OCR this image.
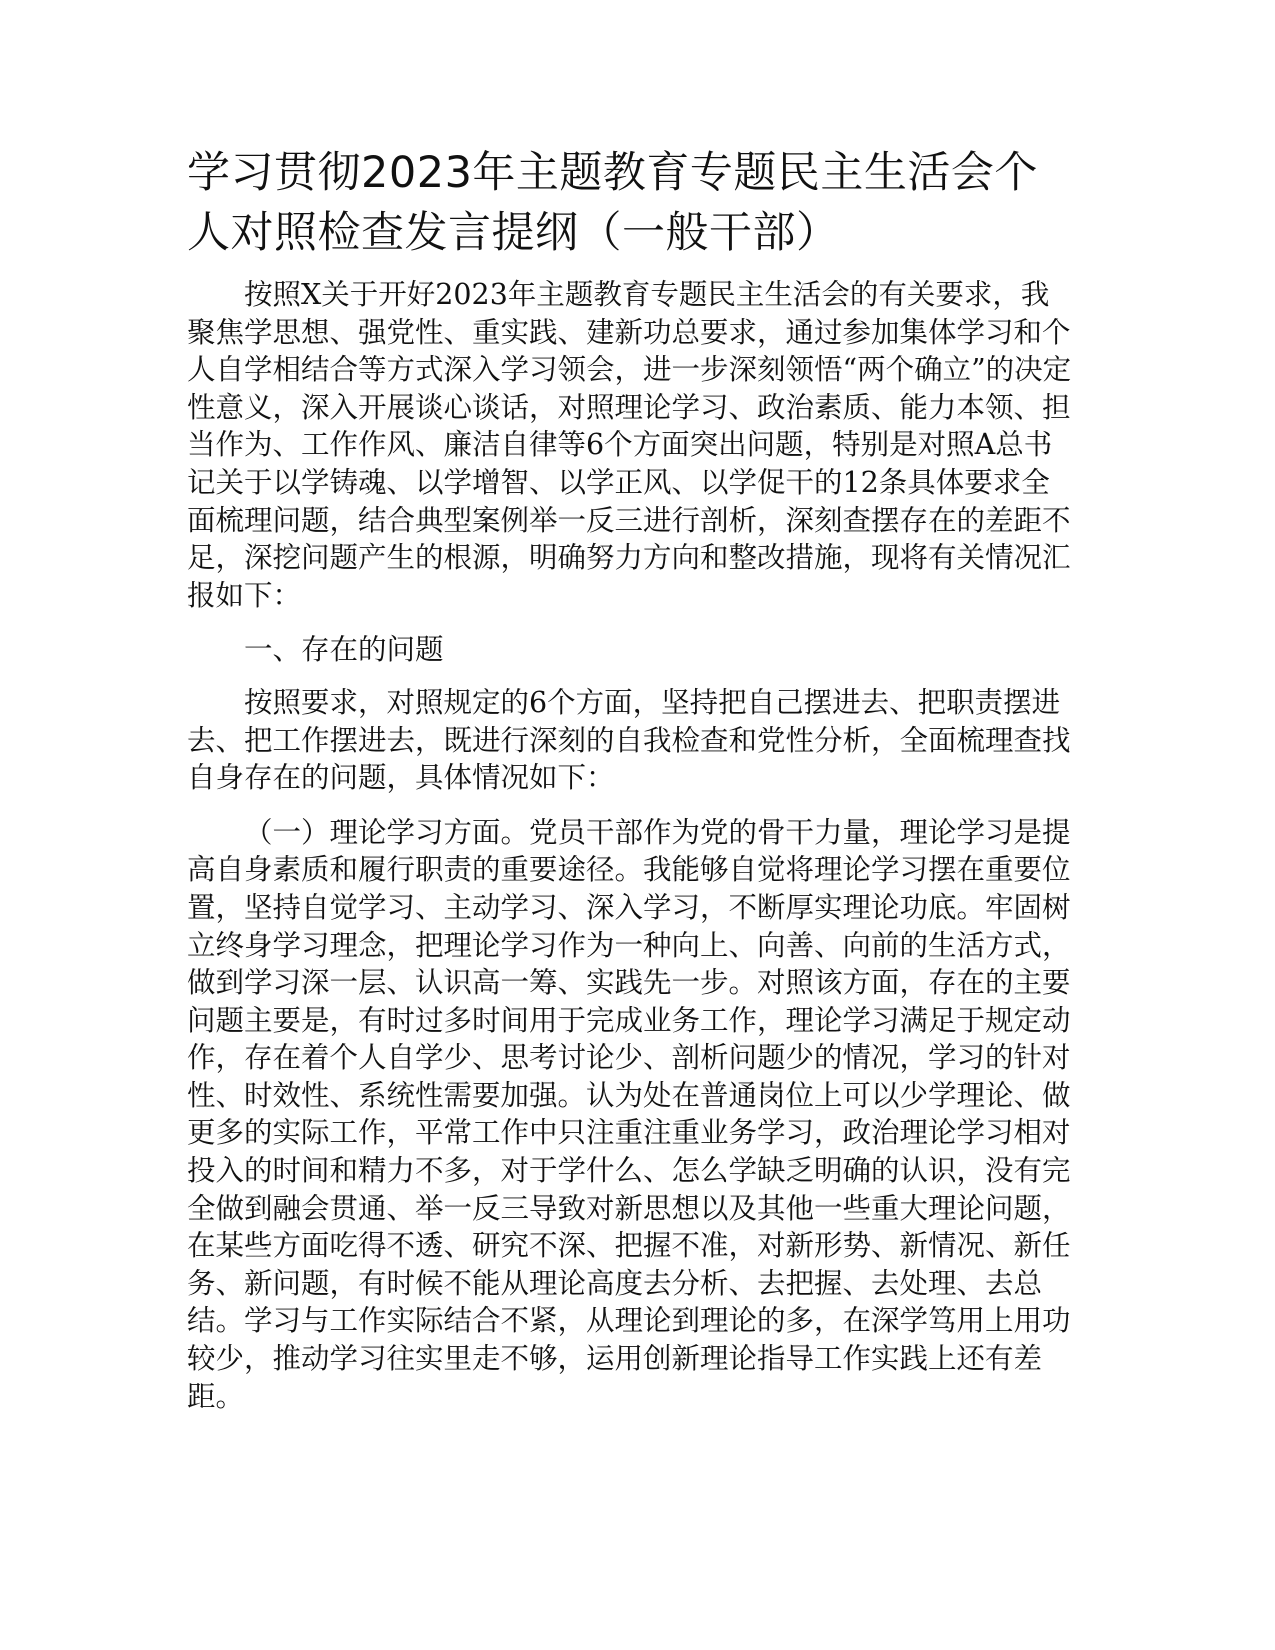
学习贯彻2023年主题教育专题民主生活会个人对照检查发言提纲（一般干部）

按照X关于开好2023年主题教育专题民主生活会的有关要求，我聚焦学思想、强党性、重实践、建新功总要求，通过参加集体学习和个人自学相结合等方式深入学习领会，进一步深刻领悟“两个确立”的决定性意义，深入开展谈心谈话，对照理论学习、政治素质、能力本领、担当作为、工作作风、廉洁自律等6个方面突出问题，特别是对照A总书记关于以学铸魂、以学增智、以学正风、以学促干的12条具体要求全面梳理问题，结合典型案例举一反三进行剖析，深刻查摆存在的差距不足，深挖问题产生的根源，明确努力方向和整改措施，现将有关情况汇报如下：

一、存在的问题

按照要求，对照规定的6个方面，坚持把自己摆进去、把职责摆进去、把工作摆进去，既进行深刻的自我检查和党性分析，全面梳理查找自身存在的问题，具体情况如下：

（一）理论学习方面。党员干部作为党的骨干力量，理论学习是提高自身素质和履行职责的重要途径。我能够自觉将理论学习摆在重要位置，坚持自觉学习、主动学习、深入学习，不断厚实理论功底。牢固树立终身学习理念，把理论学习作为一种向上、向善、向前的生活方式，做到学习深一层、认识高一筹、实践先一步。对照该方面，存在的主要问题主要是，有时过多时间用于完成业务工作，理论学习满足于规定动作，存在着个人自学少、思考讨论少、剖析问题少的情况，学习的针对性、时效性、系统性需要加强。认为处在普通岗位上可以少学理论、做更多的实际工作，平常工作中只注重注重业务学习，政治理论学习相对投入的时间和精力不多，对于学什么、怎么学缺乏明确的认识，没有完全做到融会贯通、举一反三导致对新思想以及其他一些重大理论问题，在某些方面吃得不透、研究不深、把握不准，对新形势、新情况、新任务、新问题，有时候不能从理论高度去分析、去把握、去处理、去总结。学习与工作实际结合不紧，从理论到理论的多，在深学笃用上用功较少，推动学习往实里走不够，运用创新理论指导工作实践上还有差距。
